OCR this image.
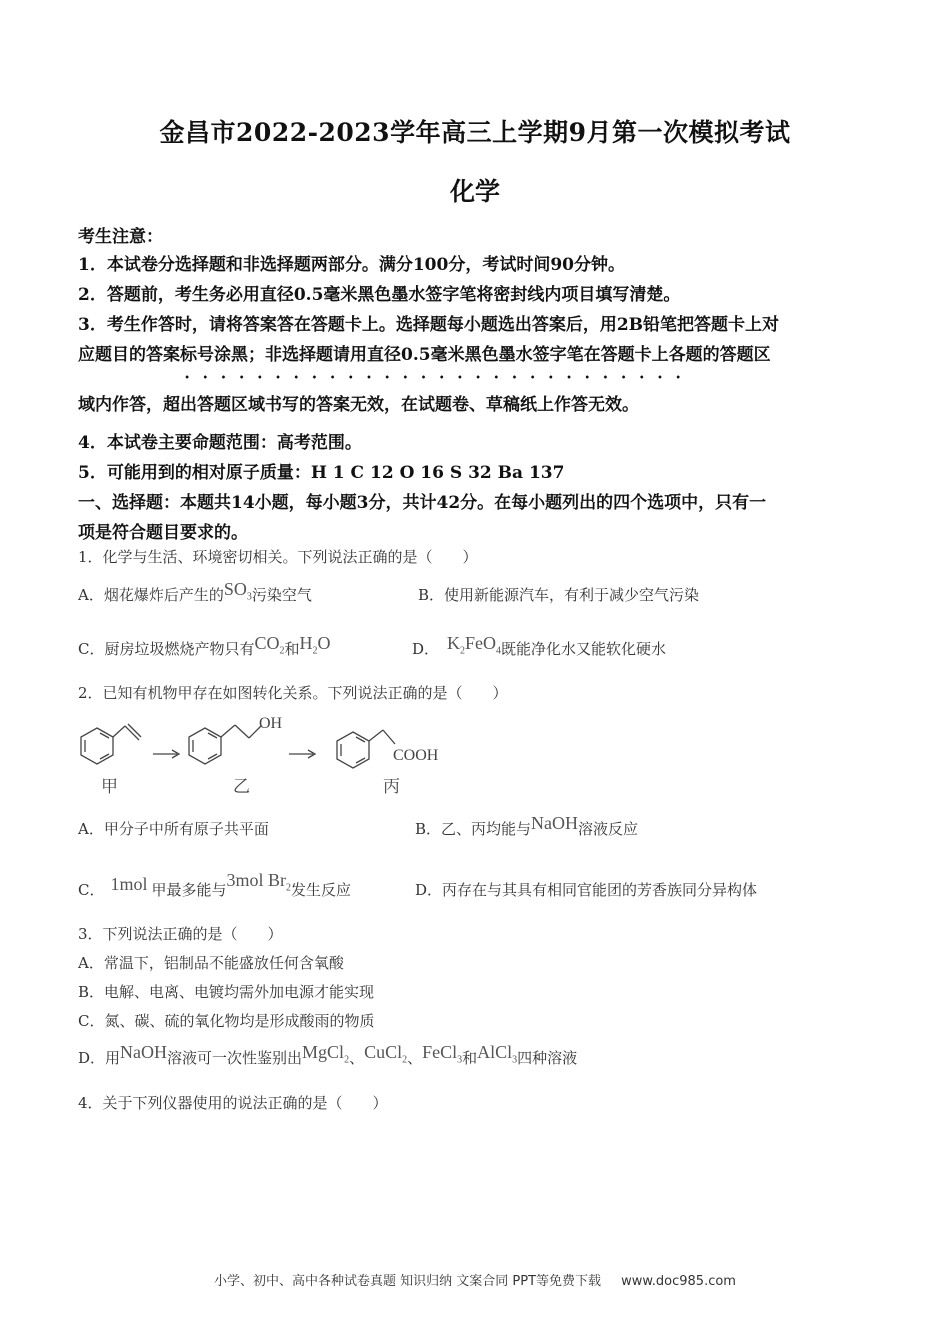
金昌市2022-2023学年高三上学期9月第一次模拟考试
化学
考生注意：
1．本试卷分选择题和非选择题两部分。满分100分，考试时间90分钟。
2．答题前，考生务必用直径0.5毫米黑色墨水签字笔将密封线内项目填写清楚。
3．考生作答时，请将答案答在答题卡上。选择题每小题选出答案后，用2B铅笔把答题卡上对
应题目的答案标号涂黑；非选择题请用直径0.5毫米黑色墨水签字笔在答题卡上各题的答题区
域内作答，超出答题区域书写的答案无效，在试题卷、草稿纸上作答无效。
4．本试卷主要命题范围：高考范围。
5．可能用到的相对原子质量：H 1 C 12 O 16 S 32 Ba 137
一、选择题：本题共14小题，每小题3分，共计42分。在每小题列出的四个选项中，只有一
项是符合题目要求的。
1．化学与生活、环境密切相关。下列说法正确的是（　　）
A．烟花爆炸后产生的$SO_3$污染空气	B．使用新能源汽车，有利于减少空气污染
C．厨房垃圾燃烧产物只有$CO_2$和$H_2O$	D． $K_2FeO_4$既能净化水又能软化硬水
2．已知有机物甲存在如图转化关系。下列说法正确的是（　　）
OH
COOH
甲	乙	丙
A．甲分子中所有原子共平面	B．乙、丙均能与NaOH溶液反应
C． 1mol 甲最多能与3mol $Br_2$发生反应	D．丙存在与其具有相同官能团的芳香族同分异构体
3．下列说法正确的是（　　）
A．常温下，铝制品不能盛放任何含氧酸
B．电解、电离、电镀均需外加电源才能实现
C．氮、碳、硫的氧化物均是形成酸雨的物质
D．用NaOH溶液可一次性鉴别出MgCl$_2$、CuCl$_2$、FeCl$_3$和AlCl$_3$四种溶液
4．关于下列仪器使用的说法正确的是（　　）
小学、初中、高中各种试卷真题 知识归纳 文案合同 PPT等免费下载 www.doc985.com
